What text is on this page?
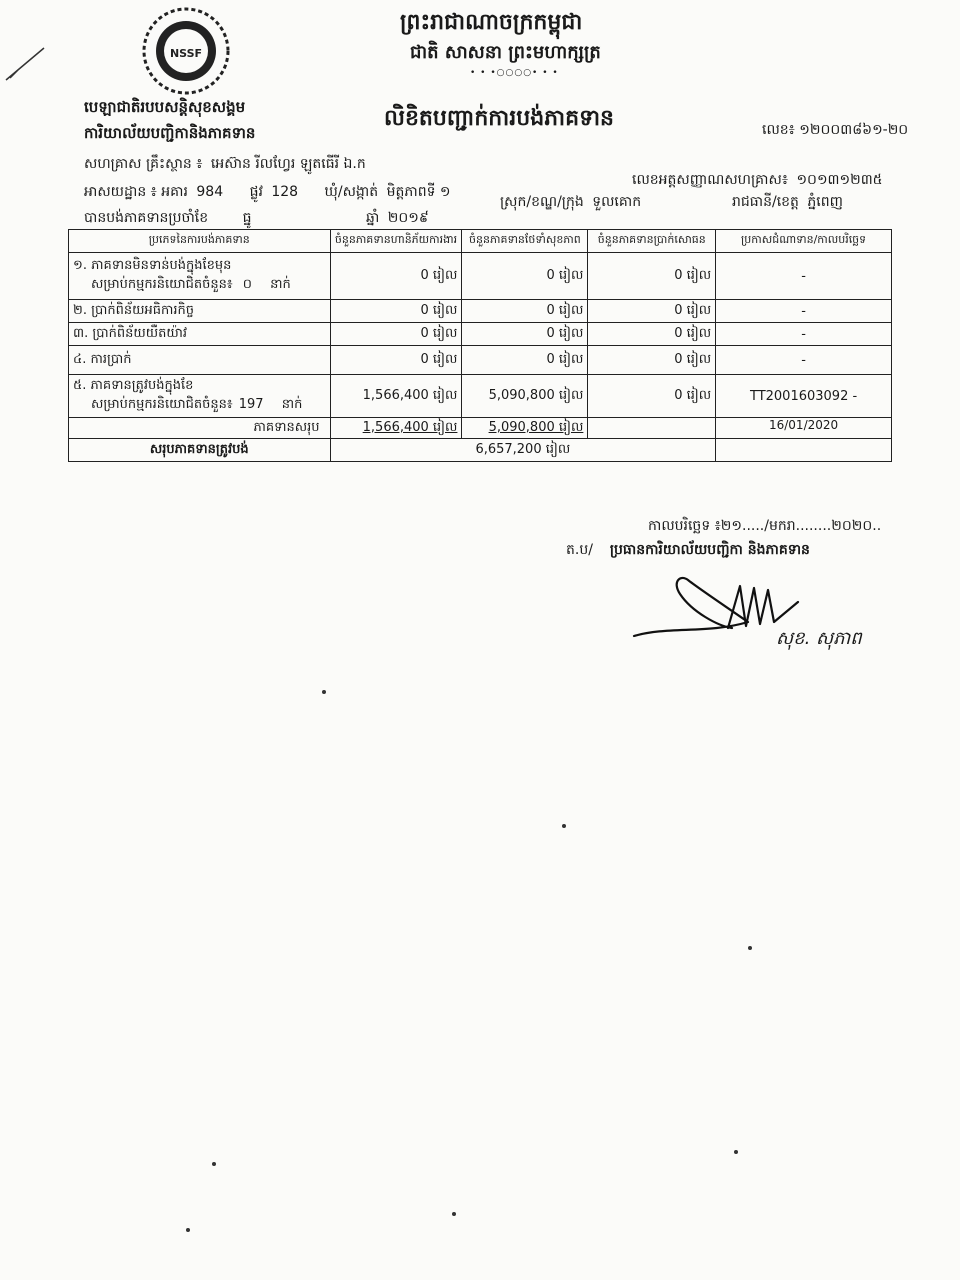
NSSF
ព្រះរាជាណាចក្រកម្ពុជា
ជាតិ សាសនា ព្រះមហាក្សត្រ
• • •○○○○• • •
បេឡាជាតិរបបសន្តិសុខសង្គម
ការិយាល័យបញ្ជិកានិងភាគទាន
លិខិតបញ្ជាក់ការបង់ភាគទាន	លេខ៖ ១២០០៣៨៦១-២០
សហគ្រាស គ្រឹះស្ថាន ៖ អេស៊ាន រីលហ្វែរ ឡូតធើរី ឯ.ក
លេខអត្តសញ្ញាណសហគ្រាស៖ ១០១៣១២៣៥
អាសយដ្ឋាន ៖ អគារ 984 ផ្លូវ 128 ឃុំ/សង្កាត់ មិត្តភាពទី ១
ស្រុក/ខណ្ឌ/ក្រុង ទួលគោក	រាជធានី/ខេត្ត ភ្នំពេញ
បានបង់ភាគទានប្រចាំខែ ធ្នូ	ឆ្នាំ ២០១៩
ប្រភេទនៃការបង់ភាគទាន	ចំនួនភាគទានហានិភ័យការងារ	ចំនួនភាគទានថែទាំសុខភាព	ចំនួនភាគទានប្រាក់សោធន	ប្រកាសជំណាទាន/កាលបរិច្ឆេទ

១. ភាគទានមិនទាន់បង់ក្នុងខែមុន
សម្រាប់កម្មករនិយោជិតចំនួន៖ ០ នាក់	0 រៀល	0 រៀល	0 រៀល	-
២. ប្រាក់ពិន័យអធិការកិច្ច	0 រៀល	0 រៀល	0 រៀល	-
៣. ប្រាក់ពិន័យយឺតយ៉ាវ	0 រៀល	0 រៀល	0 រៀល	-
៤. ការប្រាក់	0 រៀល	0 រៀល	0 រៀល	-

៥. ភាគទានត្រូវបង់ក្នុងខែ
សម្រាប់កម្មករនិយោជិតចំនួន៖ 197 នាក់	1,566,400 រៀល	5,090,800 រៀល	0 រៀល	TT2001603092 -
ភាគទានសរុប	1,566,400 រៀល	5,090,800 រៀល		16/01/2020
សរុបភាគទានត្រូវបង់	6,657,200 រៀល			
កាលបរិច្ឆេទ ៖២១...../មករា........២០២០..
ត.ប/ ប្រធានការិយាល័យបញ្ជិកា និងភាគទាន
សុខ. សុភាព
